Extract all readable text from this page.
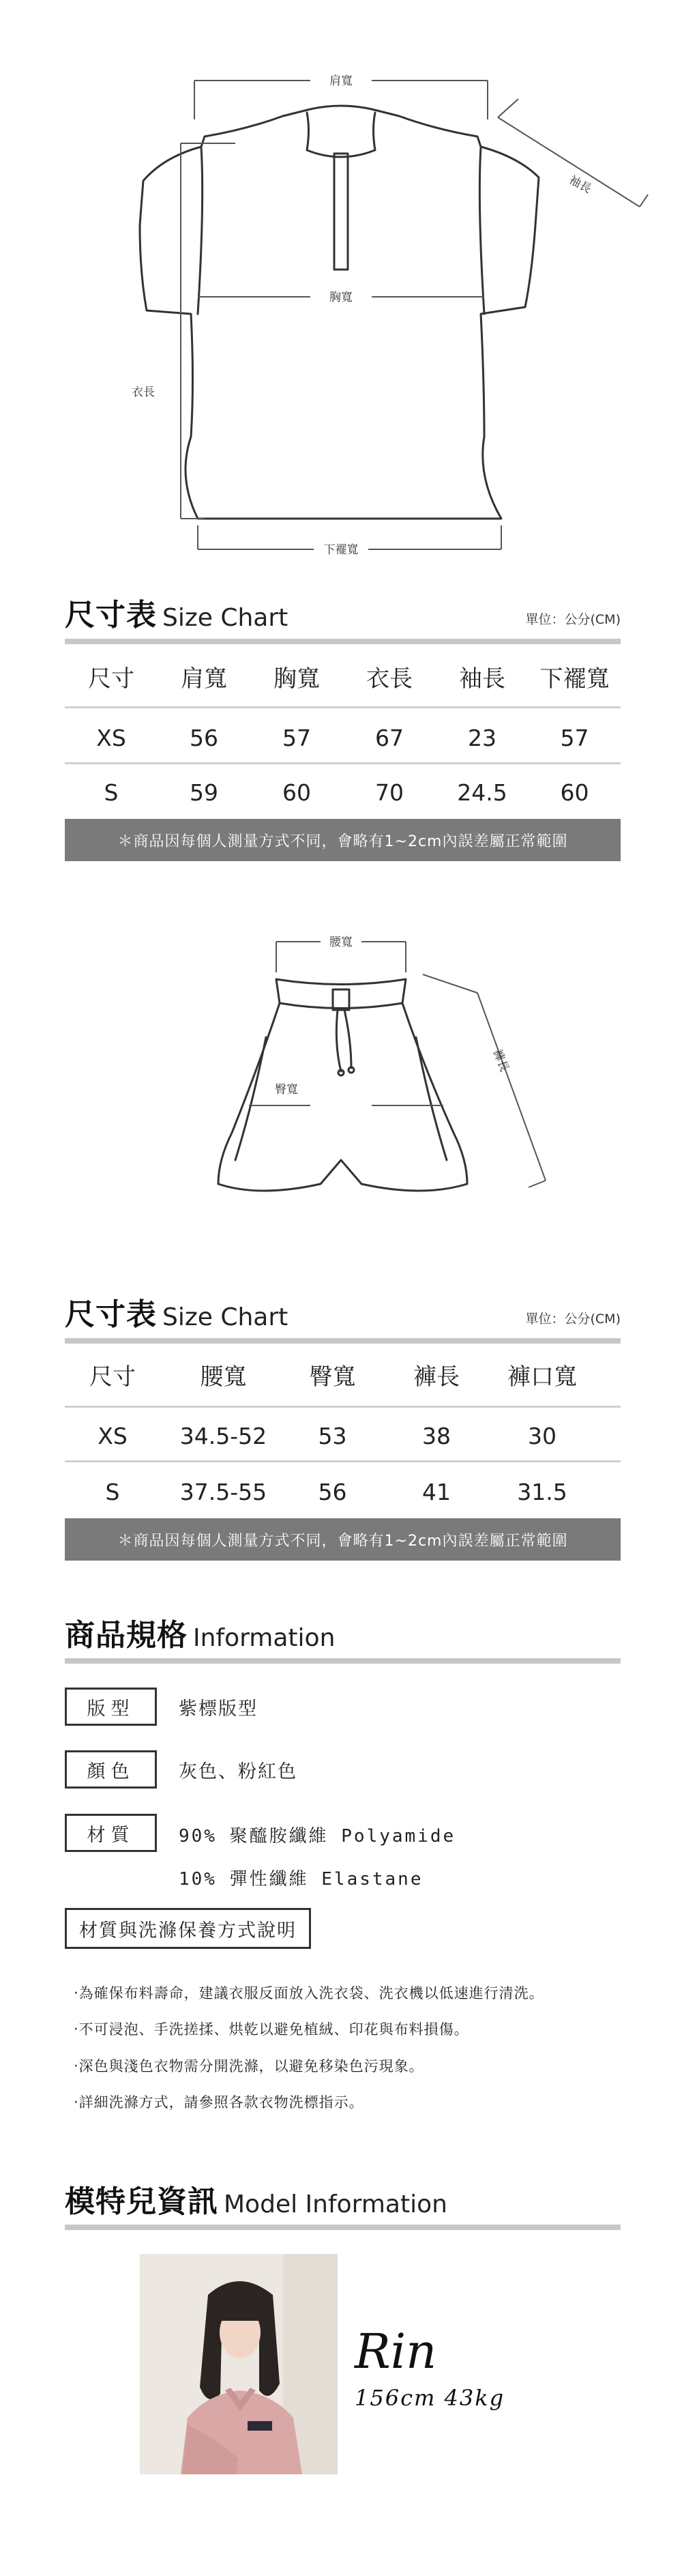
肩寬
袖長
胸寬
衣長
下襬寬
尺寸表 Size Chart	單位：公分(CM)
尺寸	肩寬	胸寬	衣長	袖長	下襬寬
XS	56	57	67	23	57
S	59	60	70	24.5	60
＊商品因每個人測量方式不同，會略有1~2cm內誤差屬正常範圍
腰寬
褲長
臀寬
尺寸表 Size Chart	單位：公分(CM)
尺寸	腰寬	臀寬	褲長	褲口寬
XS	34.5-52	53	38	30
S	37.5-55	56	41	31.5
＊商品因每個人測量方式不同，會略有1~2cm內誤差屬正常範圍
商品規格 Information
版型	紫標版型
顏色	灰色、粉紅色
材質	90% 聚醯胺纖維 Polyamide
10% 彈性纖維 Elastane
材質與洗滌保養方式說明
‧為確保布料壽命，建議衣服反面放入洗衣袋、洗衣機以低速進行清洗。
‧不可浸泡、手洗搓揉、烘乾以避免植絨、印花與布料損傷。
‧深色與淺色衣物需分開洗滌，以避免移染色污現象。
‧詳細洗滌方式，請參照各款衣物洗標指示。
模特兒資訊 Model Information
Rin
156cm 43kg
